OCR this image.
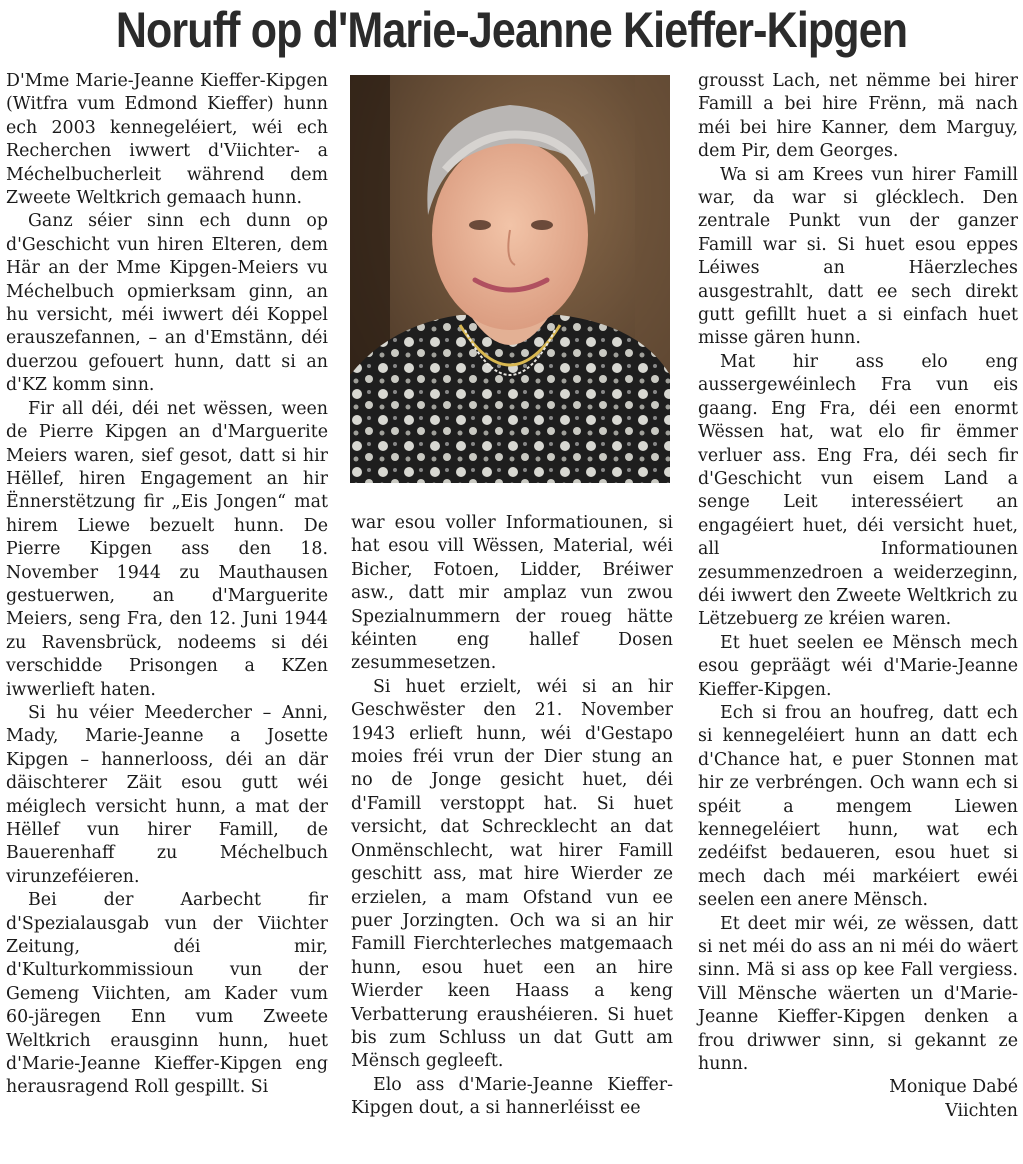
Noruff op d'Marie-Jeanne Kieffer-Kipgen

D'Mme Marie-Jeanne Kieffer-Kipgen (Witfra vum Edmond Kieffer) hunn ech 2003 kennegeléiert, wéi ech Recherchen iwwert d'Viichter- a Méchelbucherleit während dem Zweete Weltkrich gemaach hunn.

Ganz séier sinn ech dunn op d'Geschicht vun hiren Elteren, dem Här an der Mme Kipgen-Meiers vu Méchelbuch opmierksam ginn, an hu versicht, méi iwwert déi Koppel erauszefannen, – an d'Emstänn, déi duerzou gefouert hunn, datt si an d'KZ komm sinn.

Fir all déi, déi net wëssen, ween de Pierre Kipgen an d'Marguerite Meiers waren, sief gesot, datt si hir Hëllef, hiren Engagement an hir Ënnerstëtzung fir „Eis Jongen“ mat hirem Liewe bezuelt hunn. De Pierre Kipgen ass den 18. November 1944 zu Mauthausen gestuerwen, an d'Marguerite Meiers, seng Fra, den 12. Juni 1944 zu Ravensbrück, nodeems si déi verschidde Prisongen a KZen iwwerlieft haten.

Si hu véier Meedercher – Anni, Mady, Marie-Jeanne a Josette Kipgen – hannerlooss, déi an där däischterer Zäit esou gutt wéi méiglech versicht hunn, a mat der Hëllef vun hirer Famill, de Bauerenhaff zu Méchelbuch virunzeféieren.

Bei der Aarbecht fir d'Spezialausgab vun der Viichter Zeitung, déi mir, d'Kulturkommissioun vun der Gemeng Viichten, am Kader vum 60-järegen Enn vum Zweete Weltkrich erausginn hunn, huet d'Marie-Jeanne Kieffer-Kipgen eng herausragend Roll gespillt. Si

war esou voller Informatiounen, si hat esou vill Wëssen, Material, wéi Bicher, Fotoen, Lidder, Bréiwer asw., datt mir amplaz vun zwou Spezialnummern der roueg hätte kéinten eng hallef Dosen zesummesetzen.

Si huet erzielt, wéi si an hir Geschwëster den 21. November 1943 erlieft hunn, wéi d'Gestapo moies fréi vrun der Dier stung an no de Jonge gesicht huet, déi d'Famill verstoppt hat. Si huet versicht, dat Schrecklecht an dat Onmënschlecht, wat hirer Famill geschitt ass, mat hire Wierder ze erzielen, a mam Ofstand vun ee puer Jorzingten. Och wa si an hir Famill Fierchterleches matgemaach hunn, esou huet een an hire Wierder keen Haass a keng Verbatterung eraushéieren. Si huet bis zum Schluss un dat Gutt am Mënsch gegleeft.

Elo ass d'Marie-Jeanne Kieffer-Kipgen dout, a si hannerléisst ee

grousst Lach, net nëmme bei hirer Famill a bei hire Frënn, mä nach méi bei hire Kanner, dem Marguy, dem Pir, dem Georges.

Wa si am Krees vun hirer Famill war, da war si glécklech. Den zentrale Punkt vun der ganzer Famill war si. Si huet esou eppes Léiwes an Häerzleches ausgestrahlt, datt ee sech direkt gutt gefillt huet a si einfach huet misse gären hunn.

Mat hir ass elo eng aussergewéinlech Fra vun eis gaang. Eng Fra, déi een enormt Wëssen hat, wat elo fir ëmmer verluer ass. Eng Fra, déi sech fir d'Geschicht vun eisem Land a senge Leit interesséiert an engagéiert huet, déi versicht huet, all Informatiounen zesummenzedroen a weiderzeginn, déi iwwert den Zweete Weltkrich zu Lëtzebuerg ze kréien waren.

Et huet seelen ee Mënsch mech esou gepräägt wéi d'Marie-Jeanne Kieffer-Kipgen.

Ech si frou an houfreg, datt ech si kennegeléiert hunn an datt ech d'Chance hat, e puer Stonnen mat hir ze verbréngen. Och wann ech si spéit a mengem Liewen kennegeléiert hunn, wat ech zedéifst bedaueren, esou huet si mech dach méi markéiert ewéi seelen een anere Mënsch.

Et deet mir wéi, ze wëssen, datt si net méi do ass an ni méi do wäert sinn. Mä si ass op kee Fall vergiess. Vill Mënsche wäerten un d'Marie-Jeanne Kieffer-Kipgen denken a frou driwwer sinn, si gekannt ze hunn.

Monique Dabé

Viichten
